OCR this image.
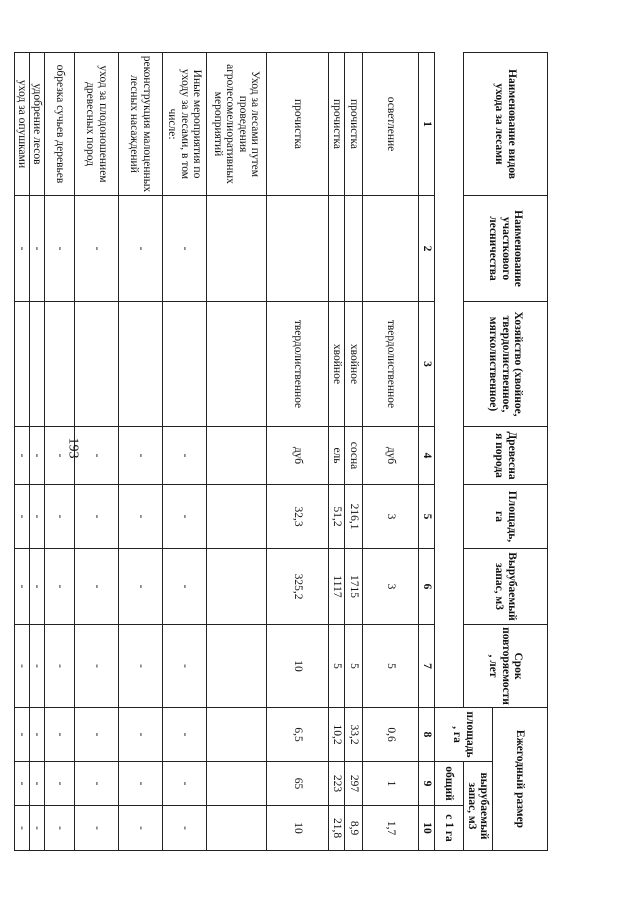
Наименование видов ухода за лесами	Наименование участкового лесничества	Хозяйство (хвойное, твердолиственное, мягколиственное)	Древесная порода	Площадь, га	Вырубаемый запас, м3	Срок повторяемости, лет	Ежегодный размер		
							площадь, га	вырубаемый запас, м3	
								общий	с 1 га
1	2	3	4	5	6	7	8	9	10
осветление		твердолиственное	дуб	3	3	5	0,6	1	1,7
прочистка		хвойное	сосна	216,1	1715	5	33,2	297	8,9
прочистка		хвойное	ель	51,2	1117	5	10,2	223	21,8
прочистка		твердолиственное	дуб	32,3	325,2	10	6,5	65	10
Уход за лесами путем проведения агролесомелиоративных мероприятий									
Иные мероприятия по уходу за лесами, в том числе:	-		-	-	-	-	-	-	-
реконструкция малоценных лесных насаждений	-		-	-	-	-	-	-	-
уход за плодоношением древесных пород	-		-	-	-	-	-	-	-
обрезка сучьев деревьев	-		-	-	-	-	-	-	-
удобрение лесов	-		-	-	-	-	-	-	-
уход за опушками	-		-	-	-	-	-	-	-
193
